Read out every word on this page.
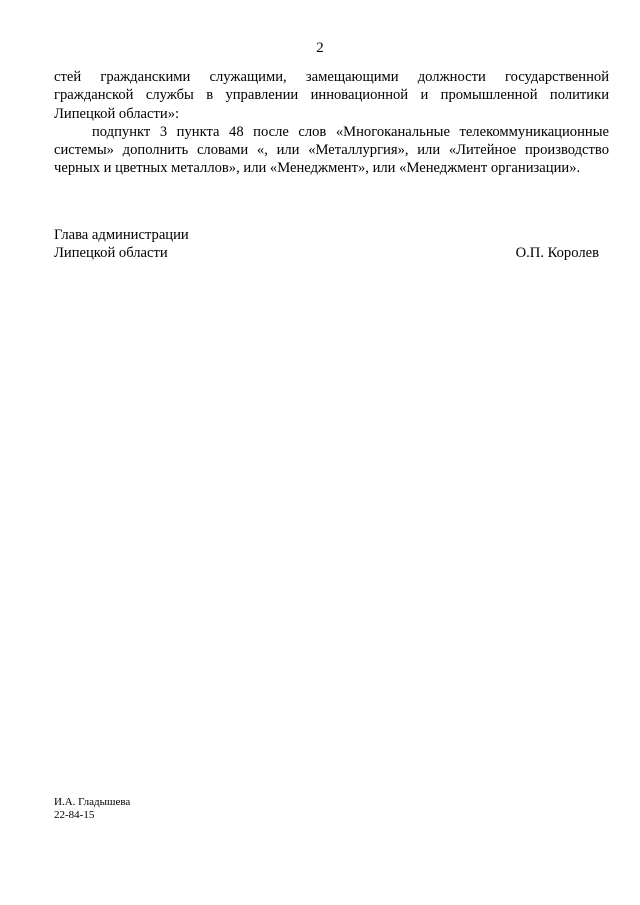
2

стей гражданскими служащими, замещающими должности государственной гражданской службы в управлении инновационной и промышленной политики Липецкой области»:

подпункт 3 пункта 48 после слов «Многоканальные телекоммуникационные системы» дополнить словами «, или «Металлургия», или «Литейное производство черных и цветных металлов», или «Менеджмент», или «Менеджмент организации».

Глава администрации
Липецкой области	О.П. Королев
И.А. Гладышева
22-84-15
